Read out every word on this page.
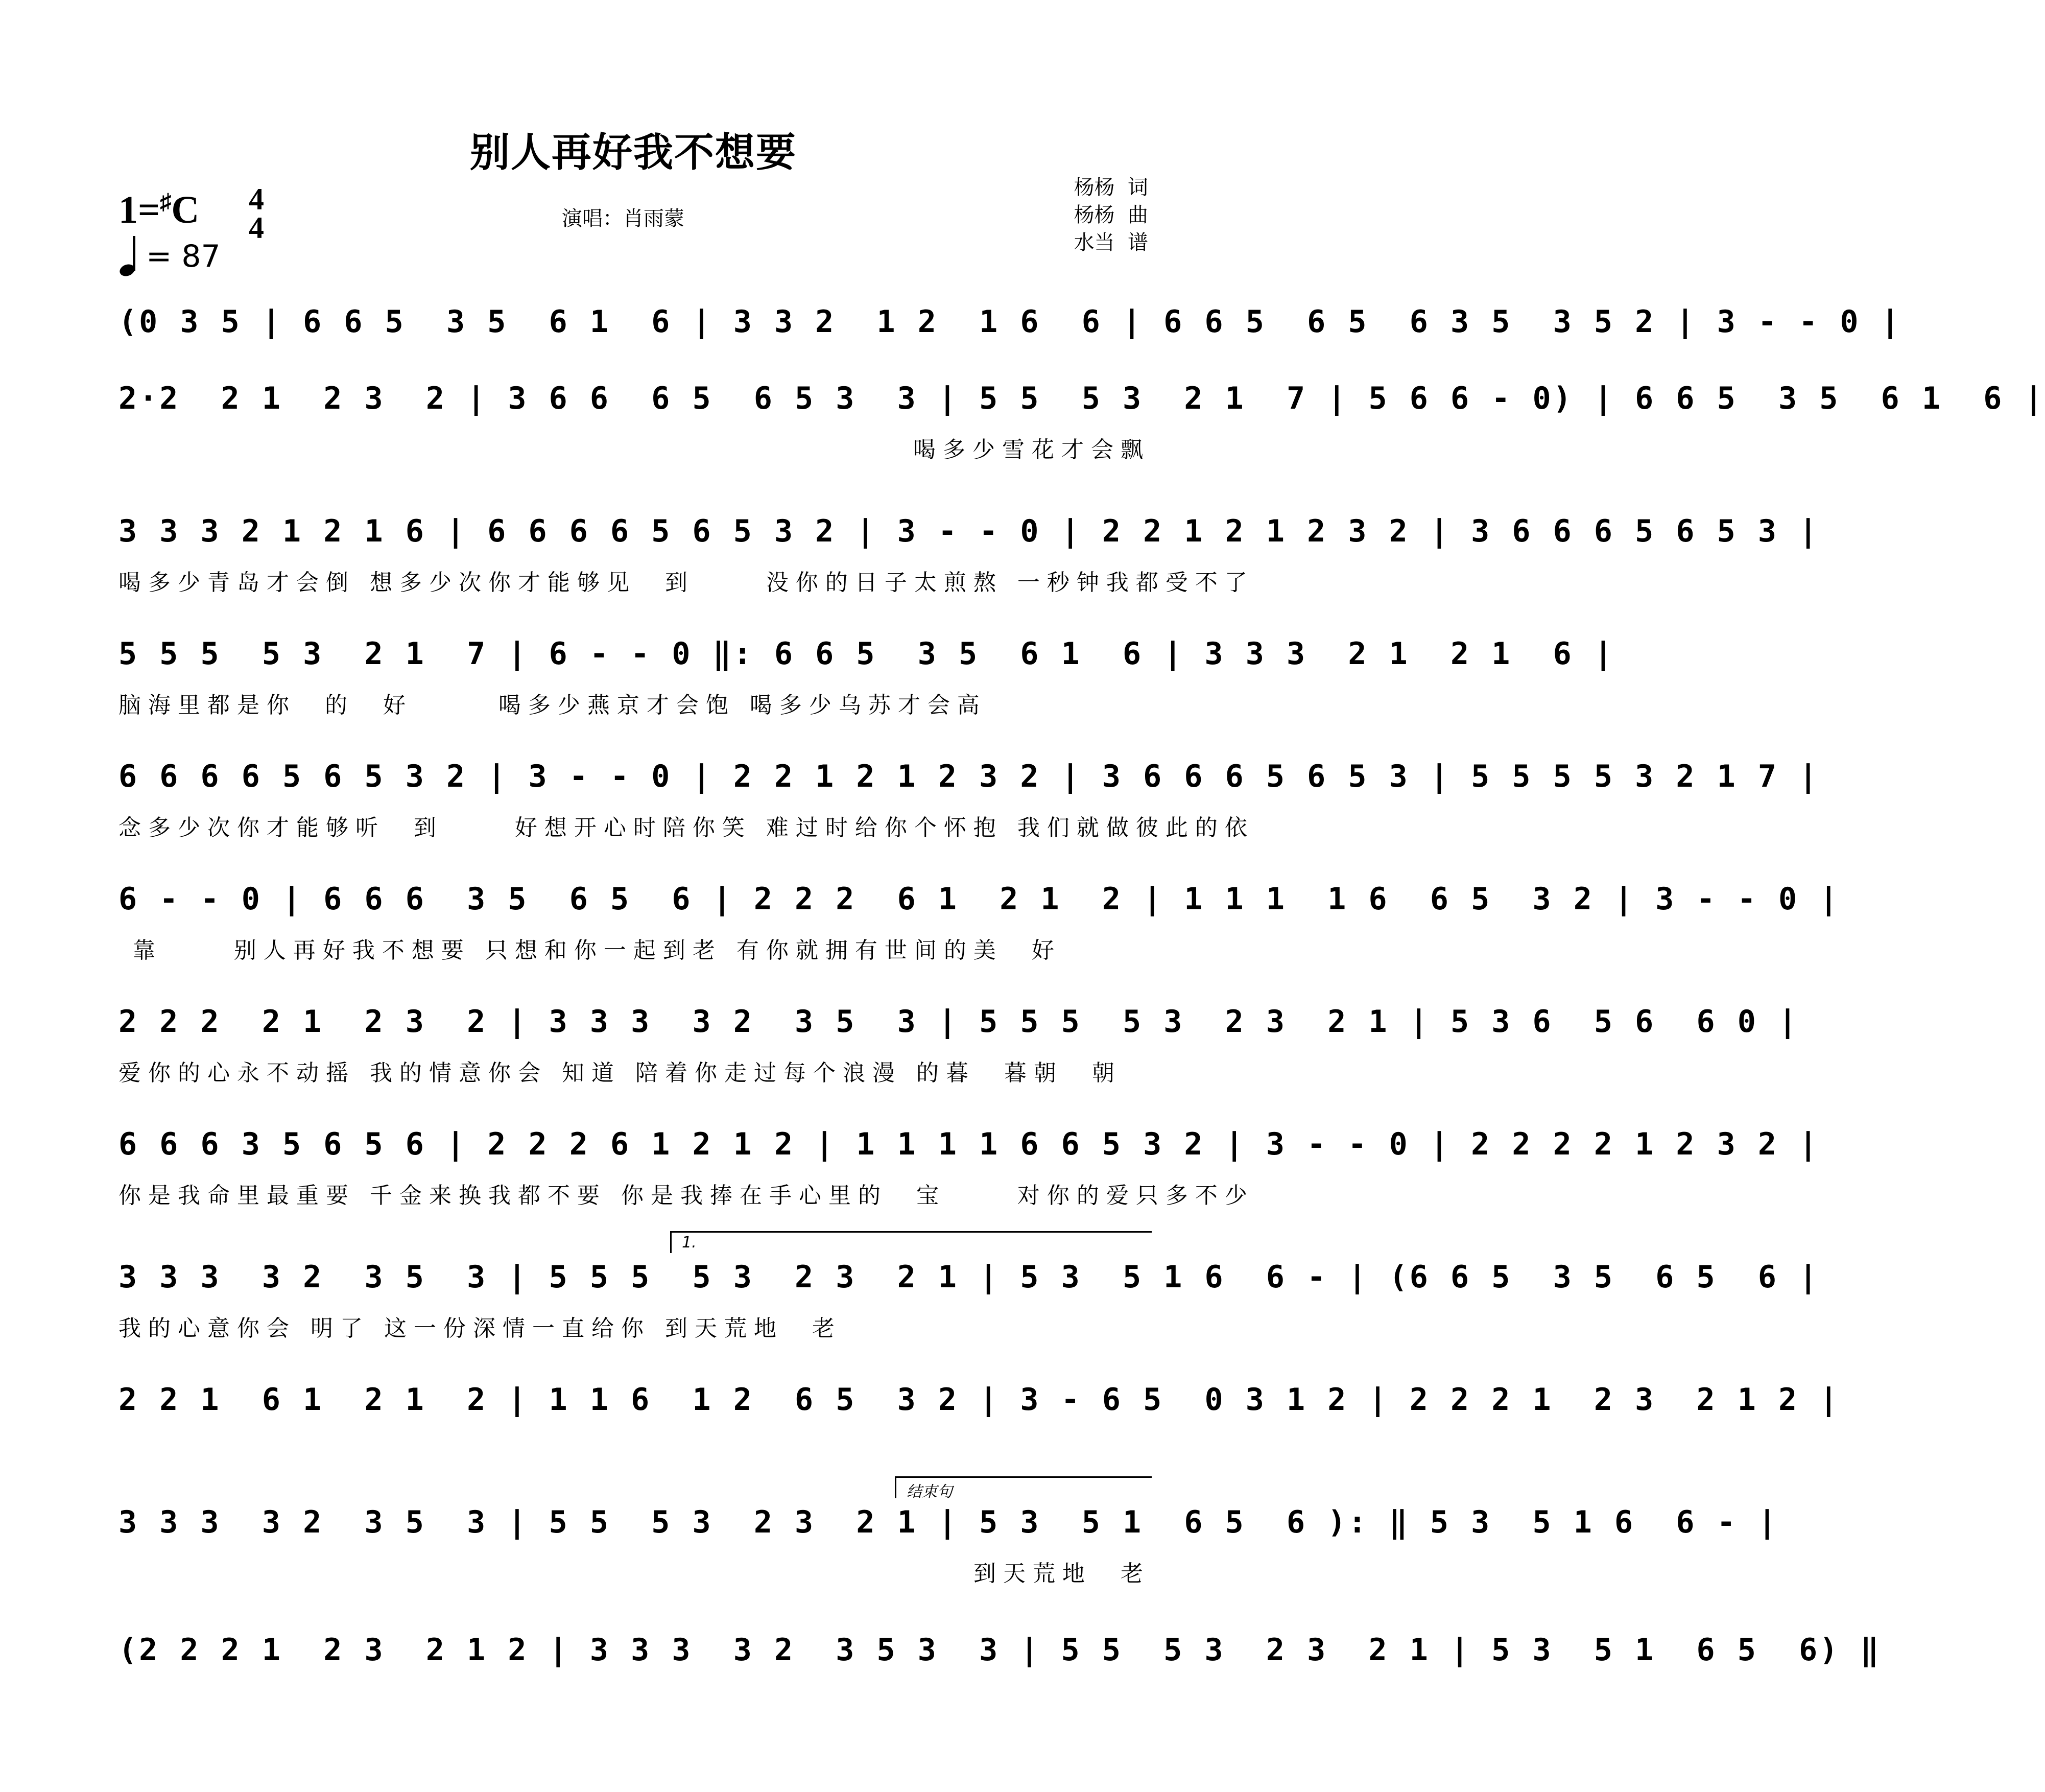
别人再好我不想要
1=♯C 4
4
= 87
演唱：肖雨蒙
杨杨  词
杨杨  曲
水当  谱
(0 3 5 | 6 6 5  3 5  6 1  6 | 3 3 2  1 2  1 6  6 | 6 6 5  6 5  6 3 5  3 5 2 | 3 - - 0 |
2·2  2 1  2 3  2 | 3 6 6  6 5  6 5 3  3 | 5 5  5 3  2 1  7 | 5 6 6 - 0) | 6 6 5  3 5  6 1  6 |
喝多少雪花才会飘
3 3 3 2 1 2 1 6 | 6 6 6 6 5 6 5 3 2 | 3 - - 0 | 2 2 1 2 1 2 3 2 | 3 6 6 6 5 6 5 3 |
喝多少青岛才会倒 想多少次你才能够见  到     没你的日子太煎熬 一秒钟我都受不了
5 5 5  5 3  2 1  7 | 6 - - 0 ‖: 6 6 5  3 5  6 1  6 | 3 3 3  2 1  2 1  6 |
脑海里都是你  的  好      喝多少燕京才会饱 喝多少乌苏才会高
6 6 6 6 5 6 5 3 2 | 3 - - 0 | 2 2 1 2 1 2 3 2 | 3 6 6 6 5 6 5 3 | 5 5 5 5 3 2 1 7 |
念多少次你才能够听  到     好想开心时陪你笑 难过时给你个怀抱 我们就做彼此的依
6 - - 0 | 6 6 6  3 5  6 5  6 | 2 2 2  6 1  2 1  2 | 1 1 1  1 6  6 5  3 2 | 3 - - 0 |
靠     别人再好我不想要 只想和你一起到老 有你就拥有世间的美  好
2 2 2  2 1  2 3  2 | 3 3 3  3 2  3 5  3 | 5 5 5  5 3  2 3  2 1 | 5 3 6  5 6  6 0 |
爱你的心永不动摇 我的情意你会 知道 陪着你走过每个浪漫 的暮  暮朝  朝
6 6 6 3 5 6 5 6 | 2 2 2 6 1 2 1 2 | 1 1 1 1 6 6 5 3 2 | 3 - - 0 | 2 2 2 2 1 2 3 2 |
你是我命里最重要 千金来换我都不要 你是我捧在手心里的  宝     对你的爱只多不少
1.
3 3 3  3 2  3 5  3 | 5 5 5  5 3  2 3  2 1 | 5 3  5 1 6  6 - | (6 6 5  3 5  6 5  6 |
我的心意你会 明了 这一份深情一直给你 到天荒地  老
2 2 1  6 1  2 1  2 | 1 1 6  1 2  6 5  3 2 | 3 - 6 5  0 3 1 2 | 2 2 2 1  2 3  2 1 2 |
结束句
3 3 3  3 2  3 5  3 | 5 5  5 3  2 3  2 1 | 5 3  5 1  6 5  6 ): ‖ 5 3  5 1 6  6 - |
到天荒地  老
(2 2 2 1  2 3  2 1 2 | 3 3 3  3 2  3 5 3  3 | 5 5  5 3  2 3  2 1 | 5 3  5 1  6 5  6) ‖
